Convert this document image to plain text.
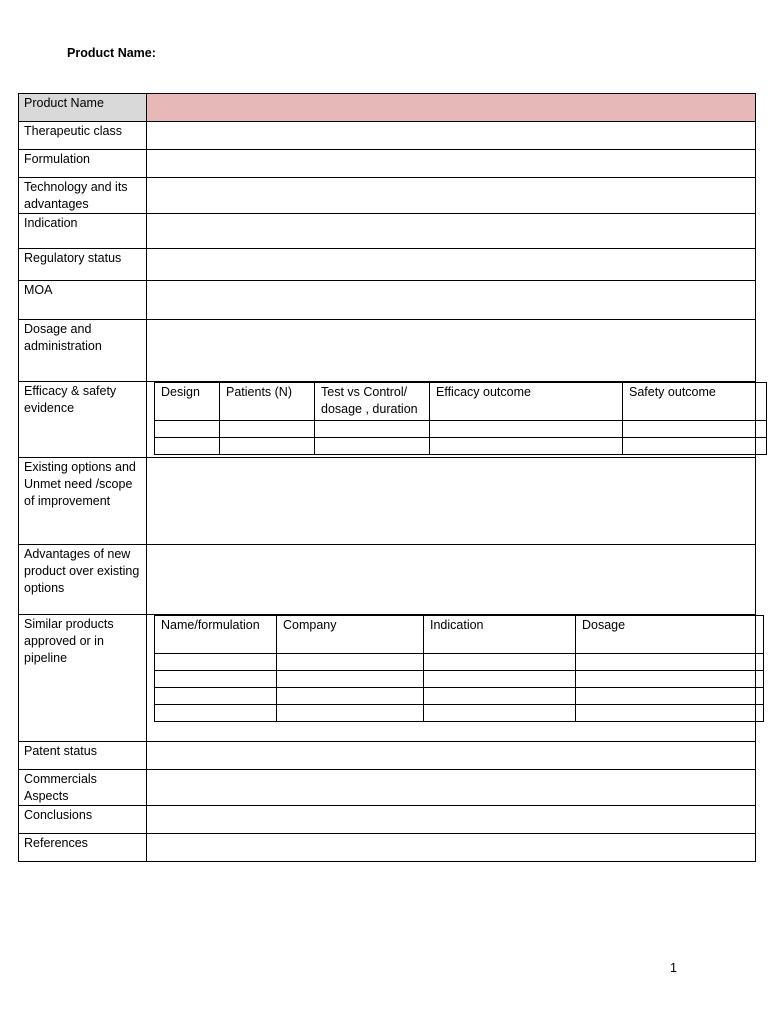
Product Name:
Product Name	
Therapeutic class	
Formulation	
Technology and its advantages	
Indication	
Regulatory status	
MOA	
Dosage and administration	
Efficacy & safety evidence	
Design	Patients (N)	Test vs Control/ dosage , duration	Efficacy outcome	Safety outcome

Existing options and Unmet need /scope of improvement	
Advantages of new product over existing options	
Similar products approved or in pipeline	
Name/formulation	Company	Indication	Dosage

Patent status	
Commercials Aspects	
Conclusions	
References	
1
